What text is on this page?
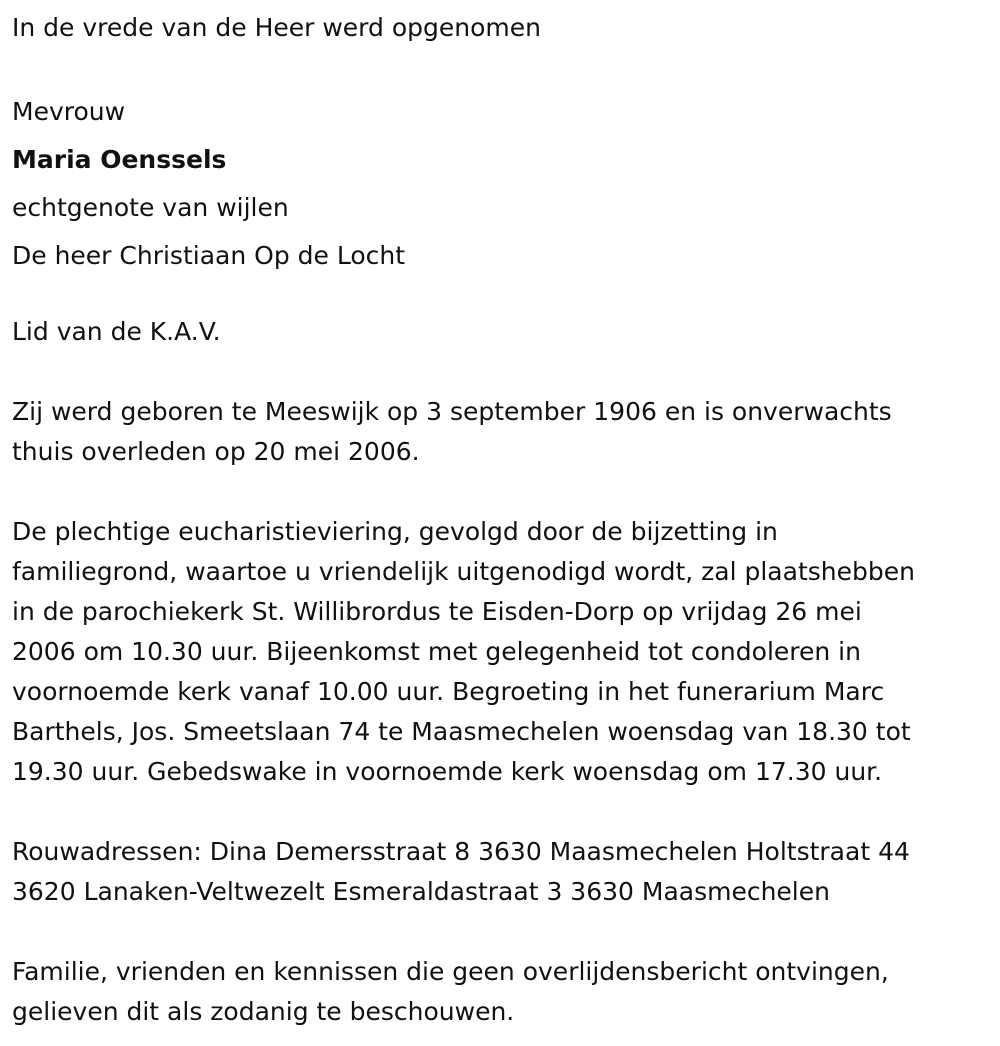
In de vrede van de Heer werd opgenomen

Mevrouw

Maria Oenssels

echtgenote van wijlen

De heer Christiaan Op de Locht

Lid van de K.A.V.

Zij werd geboren te Meeswijk op 3 september 1906 en is onverwachts
thuis overleden op 20 mei 2006.
De plechtige eucharistieviering, gevolgd door de bijzetting in
familiegrond, waartoe u vriendelijk uitgenodigd wordt, zal plaatshebben
in de parochiekerk St. Willibrordus te Eisden-Dorp op vrijdag 26 mei
2006 om 10.30 uur. Bijeenkomst met gelegenheid tot condoleren in
voornoemde kerk vanaf 10.00 uur. Begroeting in het funerarium Marc
Barthels, Jos. Smeetslaan 74 te Maasmechelen woensdag van 18.30 tot
19.30 uur. Gebedswake in voornoemde kerk woensdag om 17.30 uur.
Rouwadressen: Dina Demersstraat 8 3630 Maasmechelen Holtstraat 44
3620 Lanaken-Veltwezelt Esmeraldastraat 3 3630 Maasmechelen
Familie, vrienden en kennissen die geen overlijdensbericht ontvingen,
gelieven dit als zodanig te beschouwen.
